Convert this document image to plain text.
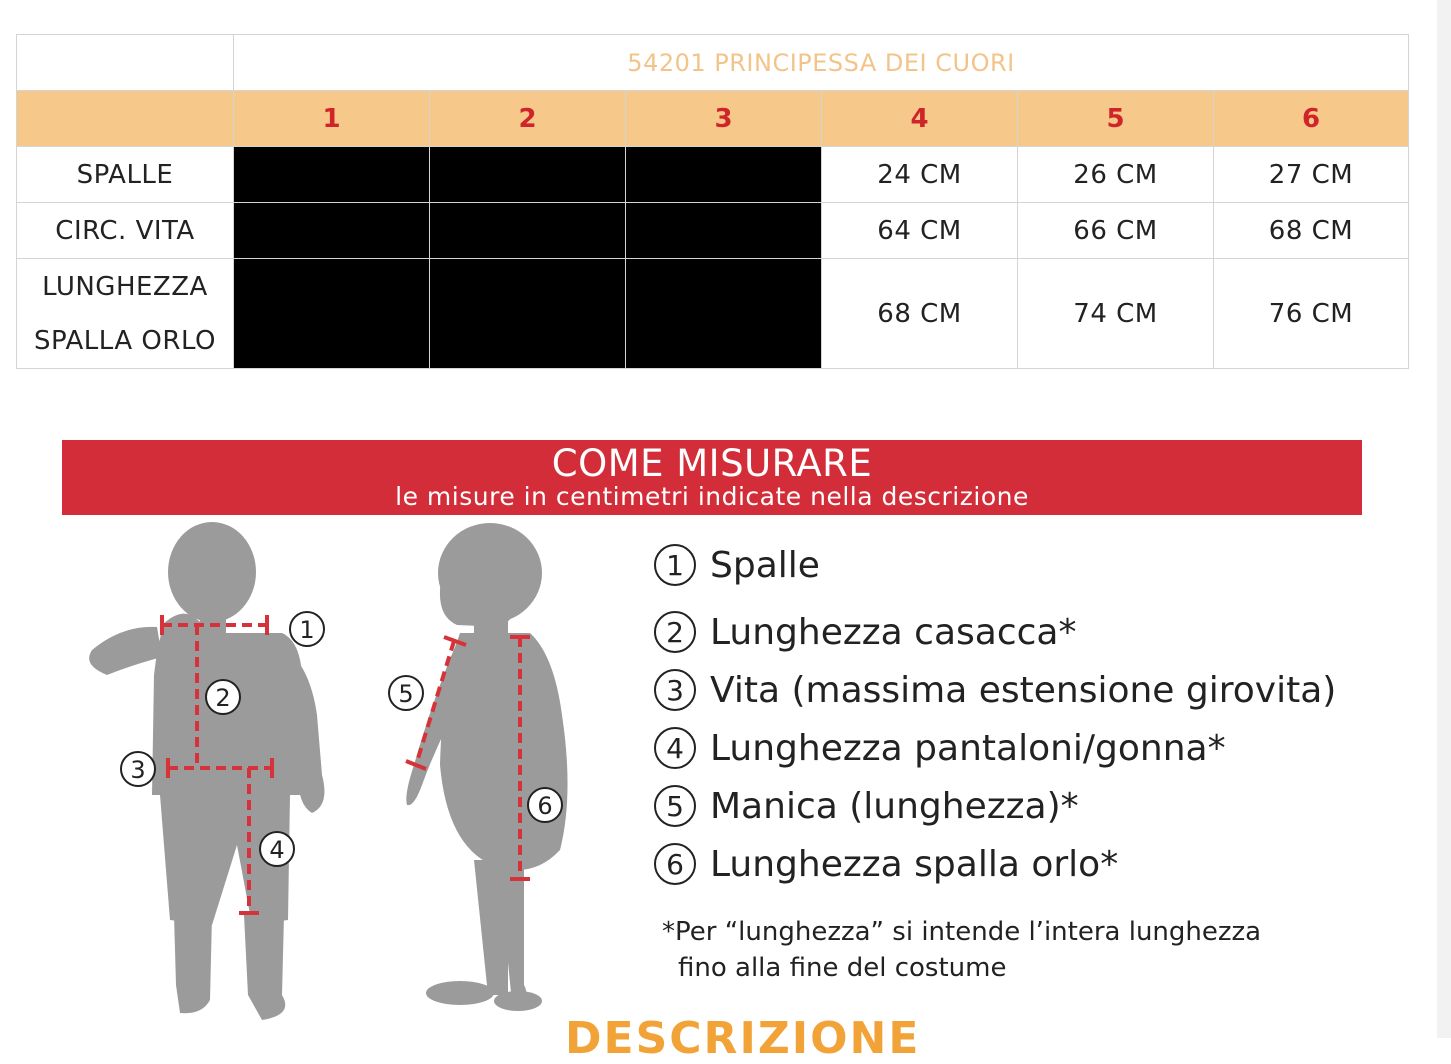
	54201 PRINCIPESSA DEI CUORI					
	1	2	3	4	5	6
SPALLE				24 CM	26 CM	27 CM
CIRC. VITA				64 CM	66 CM	68 CM

LUNGHEZZA
SPALLA ORLO				68 CM	74 CM	76 CM
COME MISURARE
le misure in centimetri indicate nella descrizione
1
2
3
4
5
6
1 Spalle
2 Lunghezza casacca*
3 Vita (massima estensione girovita)
4 Lunghezza pantaloni/gonna*
5 Manica (lunghezza)*
6 Lunghezza spalla orlo*
*Per “lunghezza” si intende l’intera lunghezza
fino alla fine del costume
DESCRIZIONE
